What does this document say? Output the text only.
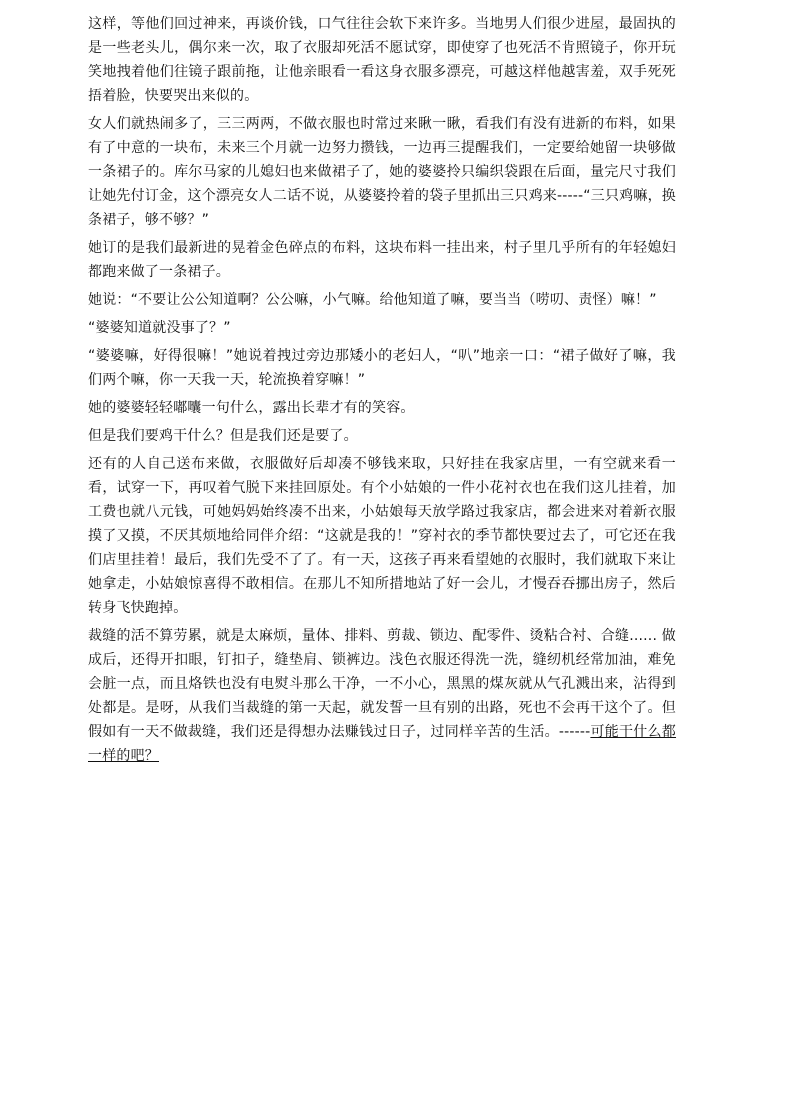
这样，等他们回过神来，再谈价钱，口气往往会软下来许多。当地男人们很少进屋，最固执的是一些老头儿，偶尔来一次，取了衣服却死活不愿试穿，即使穿了也死活不肯照镜子，你开玩笑地拽着他们往镜子跟前拖，让他亲眼看一看这身衣服多漂亮，可越这样他越害羞，双手死死捂着脸，快要哭出来似的。

女人们就热闹多了，三三两两，不做衣服也时常过来瞅一瞅，看我们有没有进新的布料，如果有了中意的一块布，未来三个月就一边努力攒钱，一边再三提醒我们，一定要给她留一块够做一条裙子的。库尔马家的儿媳妇也来做裙子了，她的婆婆拎只编织袋跟在后面，量完尺寸我们让她先付订金，这个漂亮女人二话不说，从婆婆拎着的袋子里抓出三只鸡来-----“三只鸡嘛，换条裙子，够不够？”

她订的是我们最新进的晃着金色碎点的布料，这块布料一挂出来，村子里几乎所有的年轻媳妇都跑来做了一条裙子。

她说：“不要让公公知道啊？公公嘛，小气嘛。给他知道了嘛，要当当（唠叨、责怪）嘛！”

“婆婆知道就没事了？”

“婆婆嘛，好得很嘛！”她说着拽过旁边那矮小的老妇人，“叭”地亲一口：“裙子做好了嘛，我们两个嘛，你一天我一天，轮流换着穿嘛！”

她的婆婆轻轻嘟囔一句什么，露出长辈才有的笑容。

但是我们要鸡干什么？但是我们还是要了。

还有的人自己送布来做，衣服做好后却凑不够钱来取，只好挂在我家店里，一有空就来看一看，试穿一下，再叹着气脱下来挂回原处。有个小姑娘的一件小花衬衣也在我们这儿挂着，加工费也就八元钱，可她妈妈始终凑不出来，小姑娘每天放学路过我家店，都会进来对着新衣服摸了又摸，不厌其烦地给同伴介绍：“这就是我的！”穿衬衣的季节都快要过去了，可它还在我们店里挂着！最后，我们先受不了了。有一天，这孩子再来看望她的衣服时，我们就取下来让她拿走，小姑娘惊喜得不敢相信。在那儿不知所措地站了好一会儿，才慢吞吞挪出房子，然后转身飞快跑掉。

裁缝的活不算劳累，就是太麻烦，量体、排料、剪裁、锁边、配零件、烫粘合衬、合缝...... 做成后，还得开扣眼，钉扣子，缝垫肩、锁裤边。浅色衣服还得洗一洗，缝纫机经常加油，难免会脏一点，而且烙铁也没有电熨斗那么干净，一不小心，黑黑的煤灰就从气孔溅出来，沾得到处都是。是呀，从我们当裁缝的第一天起，就发誓一旦有别的出路，死也不会再干这个了。但假如有一天不做裁缝，我们还是得想办法赚钱过日子，过同样辛苦的生活。------可能干什么都一样的吧？
